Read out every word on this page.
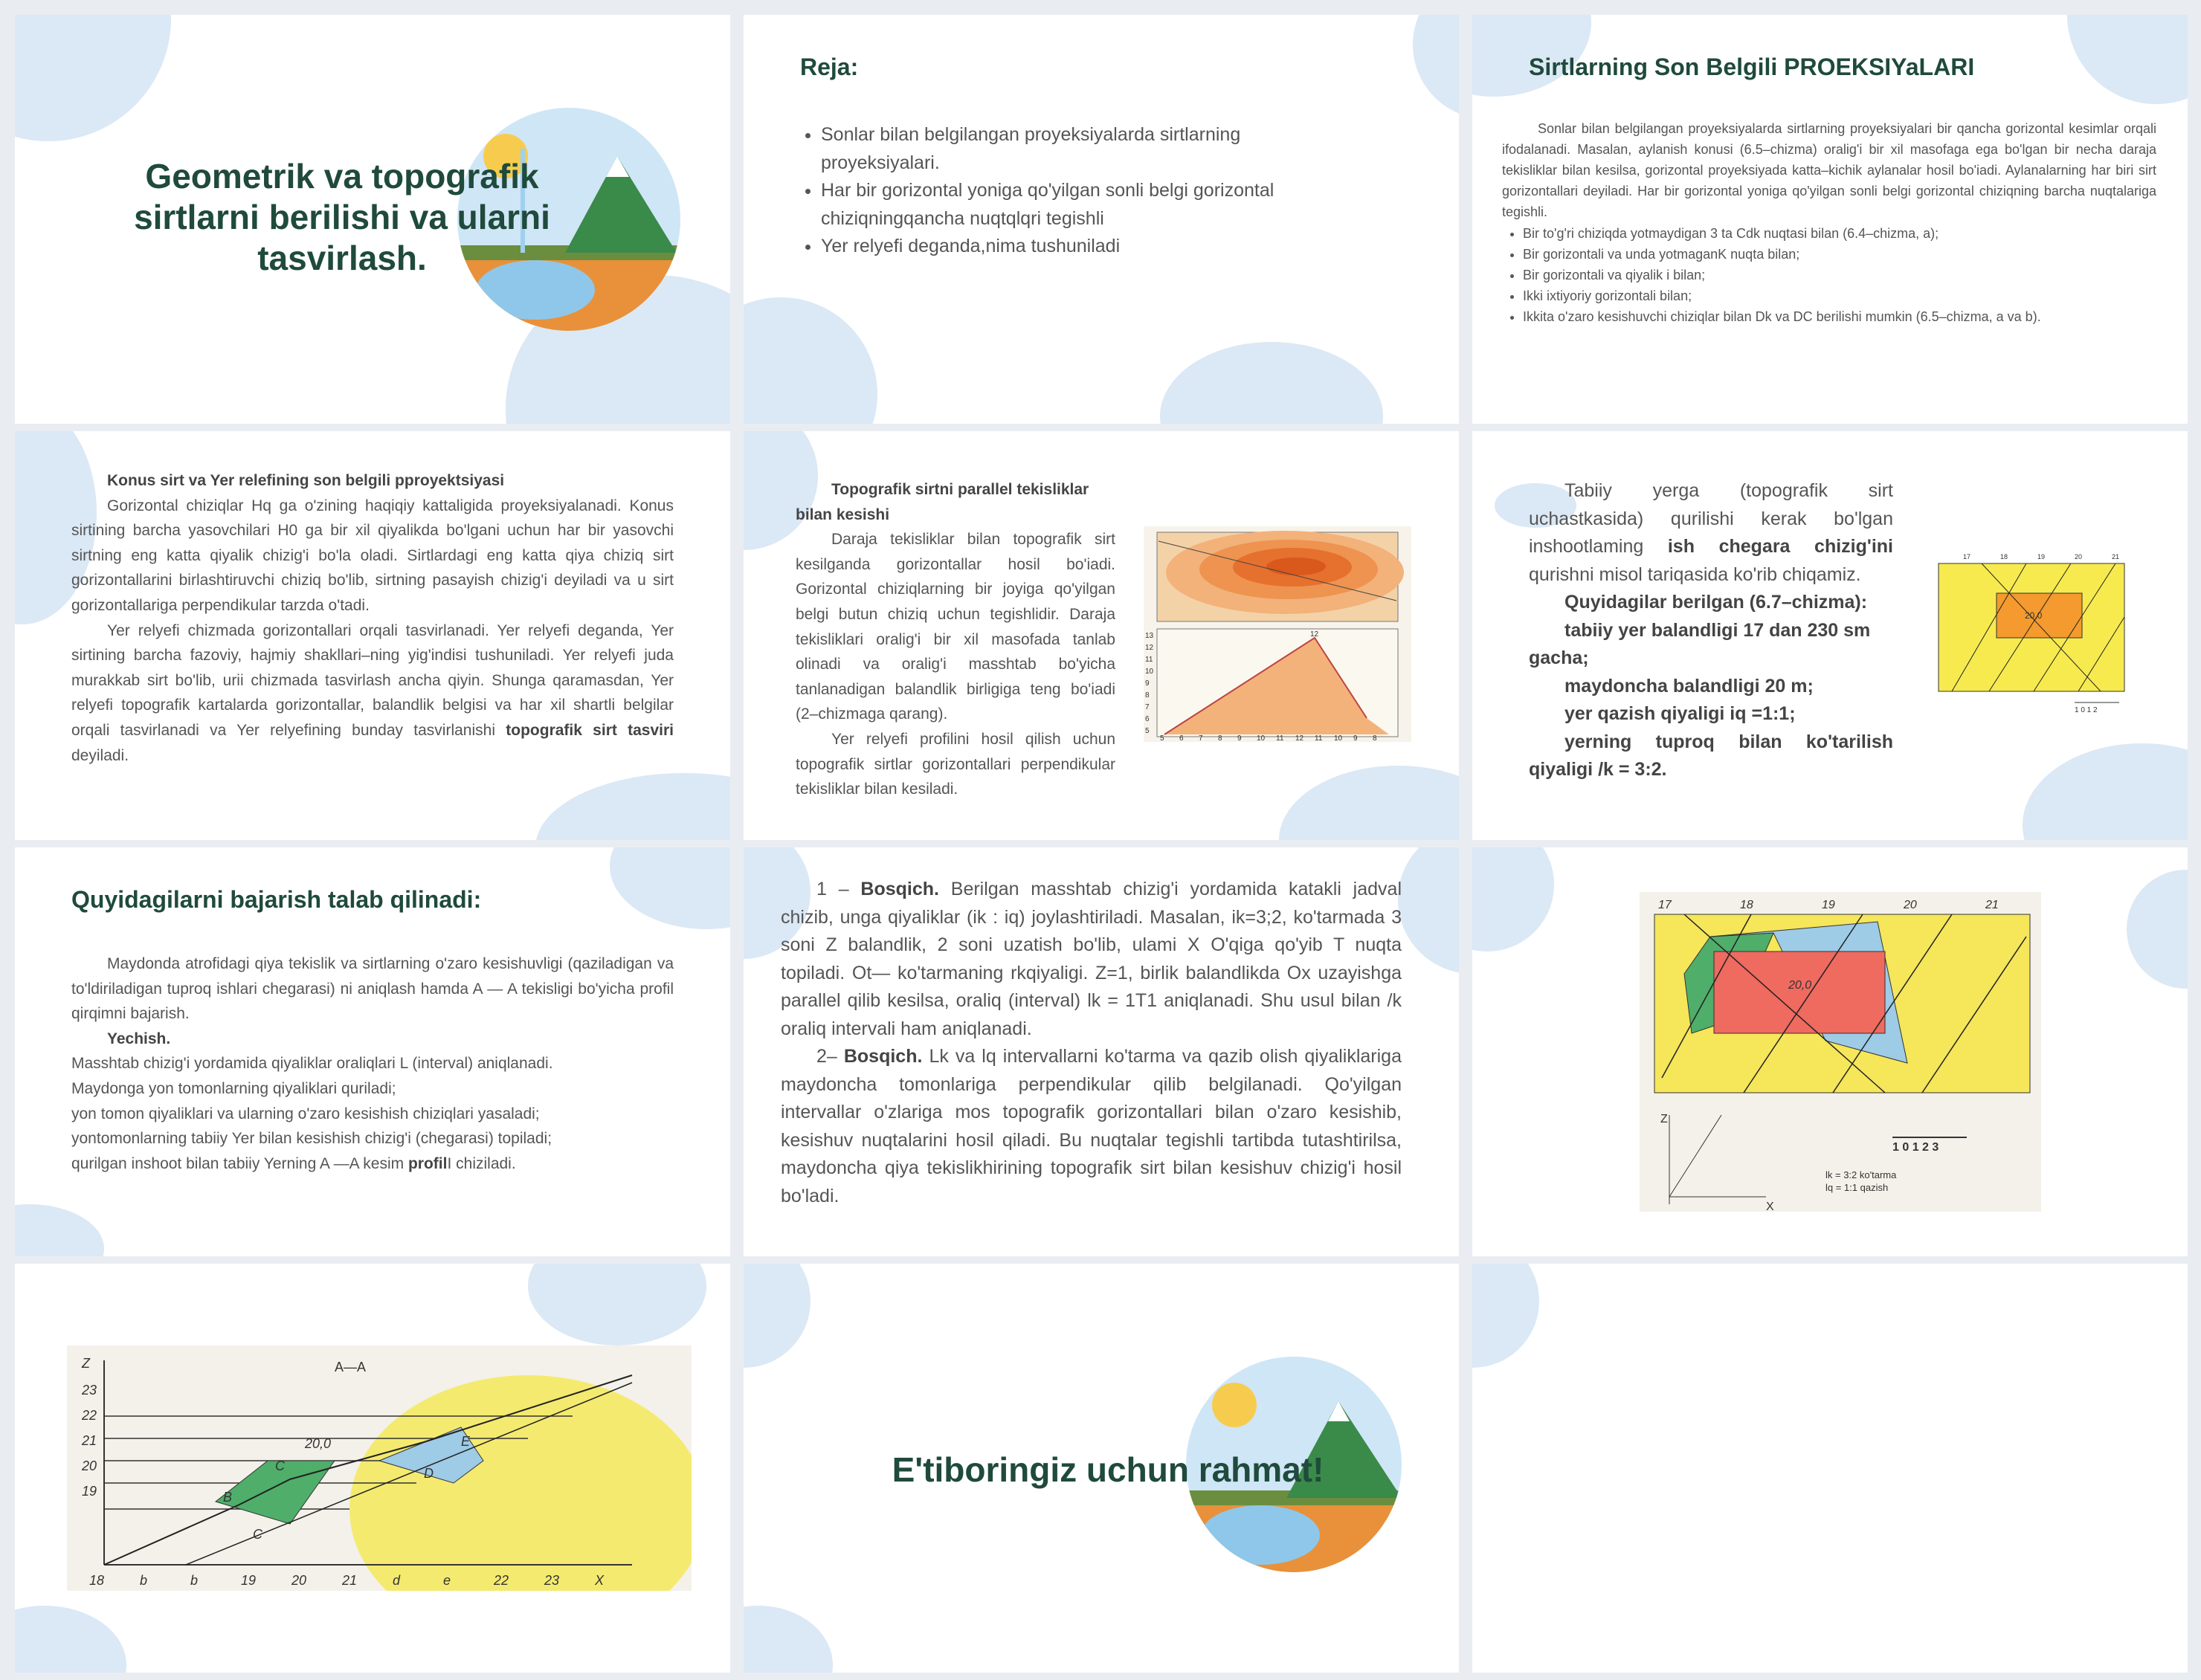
Geometrik va topografik sirtlarni berilishi va ularni tasvirlash.
Reja:
• Sonlar bilan belgilangan proyeksiyalarda sirtlarning proyeksiyalari.
• Har bir gorizontal yoniga qo'yilgan sonli belgi gorizontal chiziqningqancha nuqtqlqri tegishli
• Yer relyefi deganda,nima tushuniladi
Sirtlarning Son Belgili PROEKSIYaLARI

Sonlar bilan belgilangan proyeksiyalarda sirtlarning proyeksiyalari bir qancha gorizontal kesimlar orqali ifodalanadi. Masalan, aylanish konusi (6.5–chizma) oralig'i bir xil masofaga ega bo'lgan bir necha daraja tekisliklar bilan kesilsa, gorizontal proyeksiyada katta–kichik aylanalar hosil bo'iadi. Aylanalarning har biri sirt gorizontallari deyiladi. Har bir gorizontal yoniga qo'yilgan sonli belgi gorizontal chiziqning barcha nuqtalariga tegishli.

• Bir to'g'ri chiziqda yotmaydigan 3 ta Cdk nuqtasi bilan (6.4–chizma, a);
• Bir gorizontali va unda yotmaganK nuqta bilan;
• Bir gorizontali va qiyalik i bilan;
• Ikki ixtiyoriy gorizontali bilan;
• Ikkita o'zaro kesishuvchi chiziqlar bilan Dk va DC berilishi mumkin (6.5–chizma, a va b).

Konus sirt va Yer relefining son belgili pproyektsiyasi

Gorizontal chiziqlar Hq ga o'zining haqiqiy kattaligida proyeksiyalanadi. Konus sirtining barcha yasovchilari H0 ga bir xil qiyalikda bo'lgani uchun har bir yasovchi sirtning eng katta qiyalik chizig'i bo'la oladi. Sirtlardagi eng katta qiya chiziq sirt gorizontallarini birlashtiruvchi chiziq bo'lib, sirtning pasayish chizig'i deyiladi va u sirt gorizontallariga perpendikular tarzda o'tadi.

Yer relyefi chizmada gorizontallari orqali tasvirlanadi. Yer relyefi deganda, Yer sirtining barcha fazoviy, hajmiy shakllari–ning yig'indisi tushuniladi. Yer relyefi juda murakkab sirt bo'lib, urii chizmada tasvirlash ancha qiyin. Shunga qaramasdan, Yer relyefi topografik kartalarda gorizontallar, balandlik belgisi va har xil shartli belgilar orqali tasvirlanadi va Yer relyefining bunday tasvirlanishi topografik sirt tasviri deyiladi.

Topografik sirtni parallel tekisliklar bilan kesishi

Daraja tekisliklar bilan topografik sirt kesilganda gorizontallar hosil bo'iadi. Gorizontal chiziqlarning bir joyiga qo'yilgan belgi butun chiziq uchun tegishlidir. Daraja tekisliklari oralig'i bir xil masofada tanlab olinadi va oralig'i masshtab bo'yicha tanlanadigan balandlik birligiga teng bo'iadi (2–chizmaga qarang).

Yer relyefi profilini hosil qilish uchun topografik sirtlar gorizontallari perpendikular tekisliklar bilan kesiladi.

5 6 7 8 9 10 11 12 11 10 9 8
13
12
11
10
9
8
7
6
5
12

Tabiiy yerga (topografik sirt uchastkasida) qurilishi kerak bo'lgan inshootlaming ish chegara chizig'ini qurishni misol tariqasida ko'rib chiqamiz.

Quyidagilar berilgan (6.7–chizma):

tabiiy yer balandligi 17 dan 230 sm gacha;

maydoncha balandligi 20 m;

yer qazish qiyaligi iq =1:1;

yerning tuproq bilan ko'tarilish qiyaligi /k = 3:2.

17	18	19	20	21
20,0
1 0 1 2
Quyidagilarni bajarish talab qilinadi:

Maydonda atrofidagi qiya tekislik va sirtlarning o'zaro kesishuvligi (qaziladigan va to'ldiriladigan tuproq ishlari chegarasi) ni aniqlash hamda A — A tekisligi bo'yicha profil qirqimni bajarish.

Yechish.

Masshtab chizig'i yordamida qiyaliklar oraliqlari L (interval) aniqlanadi.

Maydonga yon tomonlarning qiyaliklari quriladi;

yon tomon qiyaliklari va ularning o'zaro kesishish chiziqlari yasaladi;

yontomonlarning tabiiy Yer bilan kesishish chizig'i (chegarasi) topiladi;

qurilgan inshoot bilan tabiiy Yerning A —A kesim profilI chiziladi.

1 – Bosqich. Berilgan masshtab chizig'i yordamida katakli jadval chizib, unga qiyaliklar (ik : iq) joylashtiriladi. Masalan, ik=3;2, ko'tarmada 3 soni Z balandlik, 2 soni uzatish bo'lib, ulami X O'qiga qo'yib T nuqta topiladi. Ot— ko'tarmaning rkqiyaligi. Z=1, birlik balandlikda Ox uzayishga parallel qilib kesilsa, oraliq (interval) lk = 1T1 aniqlanadi. Shu usul bilan /k oraliq intervali ham aniqlanadi.

2– Bosqich. Lk va lq intervallarni ko'tarma va qazib olish qiyaliklariga maydoncha tomonlariga perpendikular qilib belgilanadi. Qo'yilgan intervallar o'zlariga mos topografik gorizontallari bilan o'zaro kesishib, kesishuv nuqtalarini hosil qiladi. Bu nuqtalar tegishli tartibda tutashtirilsa, maydoncha qiya tekislikhirining topografik sirt bilan kesishuv chizig'i hosil bo'ladi.

17	18	19	20	21
20,0
Z
X
1 0 1 2 3
lk = 3:2 ko'tarma
lq = 1:1 qazish
Z
23
22
21
20
19
18	b	b	19	20	21	d	e	22	23	X
A—A
20,0
B
C
C
D
E
E'tiboringiz uchun rahmat!
